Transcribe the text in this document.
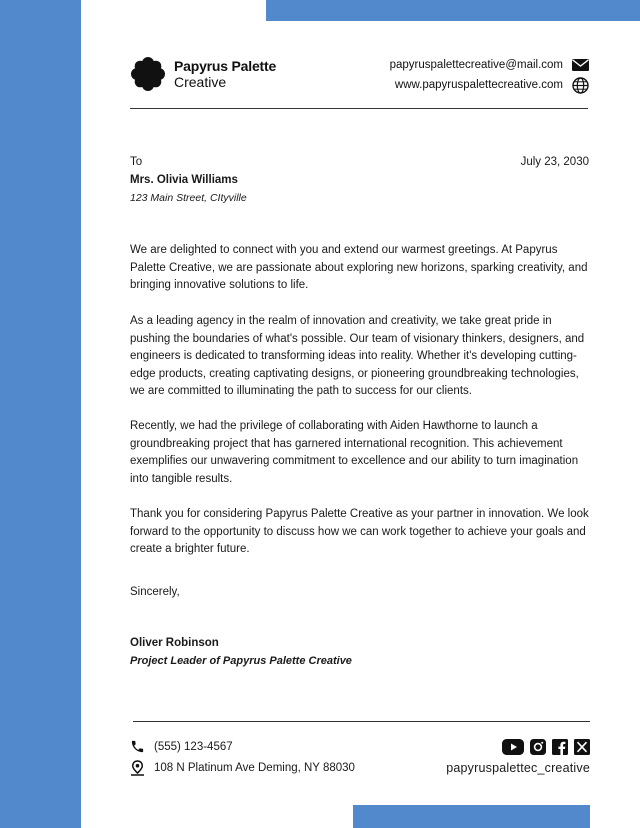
Papyrus Palette
Creative
papyruspalettecreative@mail.com
www.papyruspalettecreative.com
To	July 23, 2030
Mrs. Olivia Williams
123 Main Street, CItyville
We are delighted to connect with you and extend our warmest greetings. At Papyrus Palette Creative, we are passionate about exploring new horizons, sparking creativity, and bringing innovative solutions to life.
As a leading agency in the realm of innovation and creativity, we take great pride in pushing the boundaries of what's possible. Our team of visionary thinkers, designers, and engineers is dedicated to transforming ideas into reality. Whether it's developing cutting-edge products, creating captivating designs, or pioneering groundbreaking technologies, we are committed to illuminating the path to success for our clients.
Recently, we had the privilege of collaborating with Aiden Hawthorne to launch a groundbreaking project that has garnered international recognition. This achievement exemplifies our unwavering commitment to excellence and our ability to turn imagination into tangible results.
Thank you for considering Papyrus Palette Creative as your partner in innovation. We look forward to the opportunity to discuss how we can work together to achieve your goals and create a brighter future.
Sincerely,
Oliver Robinson
Project Leader of Papyrus Palette Creative
(555) 123-4567
108 N Platinum Ave Deming, NY 88030	papyruspalettec_creative
